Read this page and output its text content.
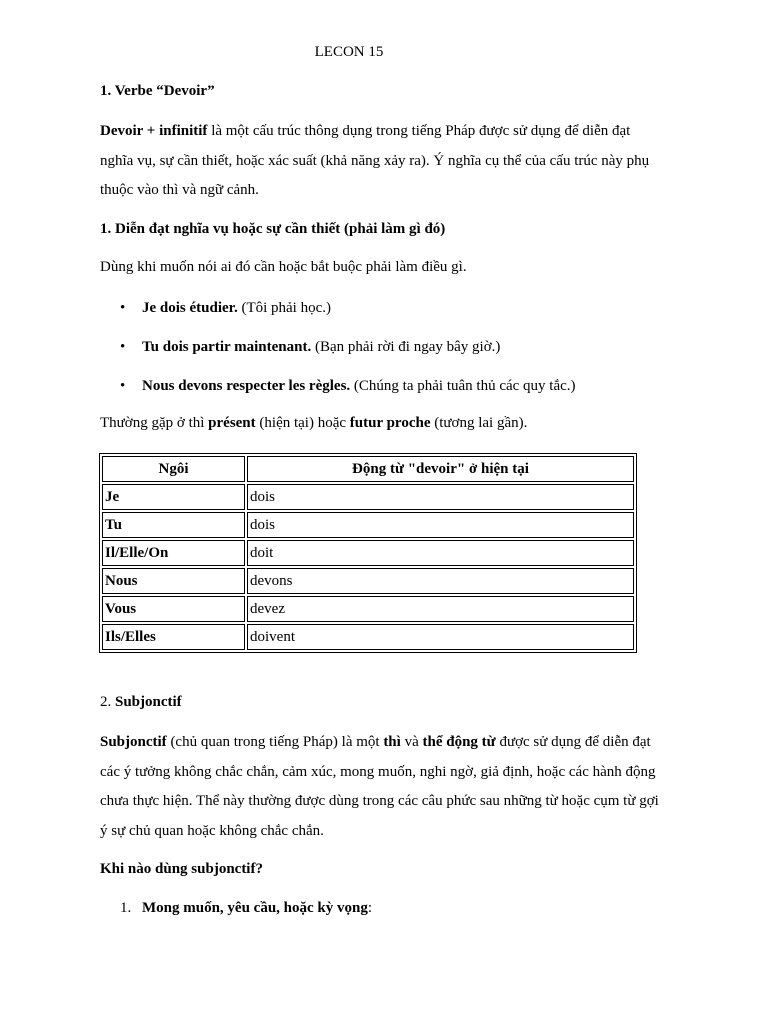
LECON 15
1. Verbe “Devoir”
Devoir + infinitif là một cấu trúc thông dụng trong tiếng Pháp được sử dụng để diễn đạt nghĩa vụ, sự cần thiết, hoặc xác suất (khả năng xảy ra). Ý nghĩa cụ thể của cấu trúc này phụ thuộc vào thì và ngữ cảnh.
1. Diễn đạt nghĩa vụ hoặc sự cần thiết (phải làm gì đó)
Dùng khi muốn nói ai đó cần hoặc bắt buộc phải làm điều gì.
• Je dois étudier. (Tôi phải học.)
• Tu dois partir maintenant. (Bạn phải rời đi ngay bây giờ.)
• Nous devons respecter les règles. (Chúng ta phải tuân thủ các quy tắc.)
Thường gặp ở thì présent (hiện tại) hoặc futur proche (tương lai gần).
Ngôi	Động từ "devoir" ở hiện tại
Je	dois
Tu	dois
Il/Elle/On	doit
Nous	devons
Vous	devez
Ils/Elles	doivent
2. Subjonctif
Subjonctif (chủ quan trong tiếng Pháp) là một thì và thể động từ được sử dụng để diễn đạt các ý tưởng không chắc chắn, cảm xúc, mong muốn, nghi ngờ, giả định, hoặc các hành động chưa thực hiện. Thể này thường được dùng trong các câu phức sau những từ hoặc cụm từ gợi ý sự chủ quan hoặc không chắc chắn.
Khi nào dùng subjonctif?
1. Mong muốn, yêu cầu, hoặc kỳ vọng:
